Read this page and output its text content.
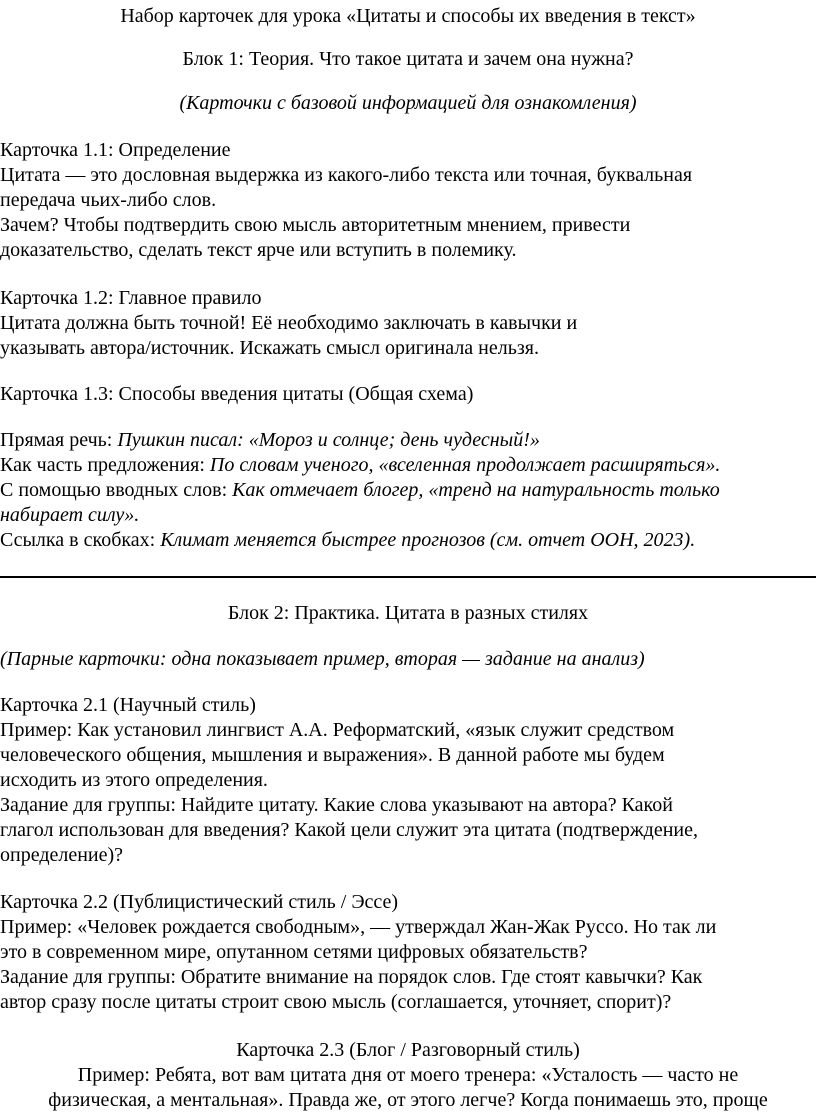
Набор карточек для урока «Цитаты и способы их введения в текст»
Блок 1: Теория. Что такое цитата и зачем она нужна?
(Карточки с базовой информацией для ознакомления)
Карточка 1.1: Определение
Цитата — это дословная выдержка из какого-либо текста или точная, буквальная
передача чьих-либо слов.
Зачем? Чтобы подтвердить свою мысль авторитетным мнением, привести
доказательство, сделать текст ярче или вступить в полемику.
Карточка 1.2: Главное правило
Цитата должна быть точной! Её необходимо заключать в кавычки и
указывать автора/источник. Искажать смысл оригинала нельзя.
Карточка 1.3: Способы введения цитаты (Общая схема)
Прямая речь: Пушкин писал: «Мороз и солнце; день чудесный!»
Как часть предложения: По словам ученого, «вселенная продолжает расширяться».
С помощью вводных слов: Как отмечает блогер, «тренд на натуральность только
набирает силу».
Ссылка в скобках: Климат меняется быстрее прогнозов (см. отчет ООН, 2023).
Блок 2: Практика. Цитата в разных стилях
(Парные карточки: одна показывает пример, вторая — задание на анализ)
Карточка 2.1 (Научный стиль)
Пример: Как установил лингвист А.А. Реформатский, «язык служит средством
человеческого общения, мышления и выражения». В данной работе мы будем
исходить из этого определения.
Задание для группы: Найдите цитату. Какие слова указывают на автора? Какой
глагол использован для введения? Какой цели служит эта цитата (подтверждение,
определение)?
Карточка 2.2 (Публицистический стиль / Эссе)
Пример: «Человек рождается свободным», — утверждал Жан-Жак Руссо. Но так ли
это в современном мире, опутанном сетями цифровых обязательств?
Задание для группы: Обратите внимание на порядок слов. Где стоят кавычки? Как
автор сразу после цитаты строит свою мысль (соглашается, уточняет, спорит)?
Карточка 2.3 (Блог / Разговорный стиль)
Пример: Ребята, вот вам цитата дня от моего тренера: «Усталость — часто не
физическая, а ментальная». Правда же, от этого легче? Когда понимаешь это, проще
